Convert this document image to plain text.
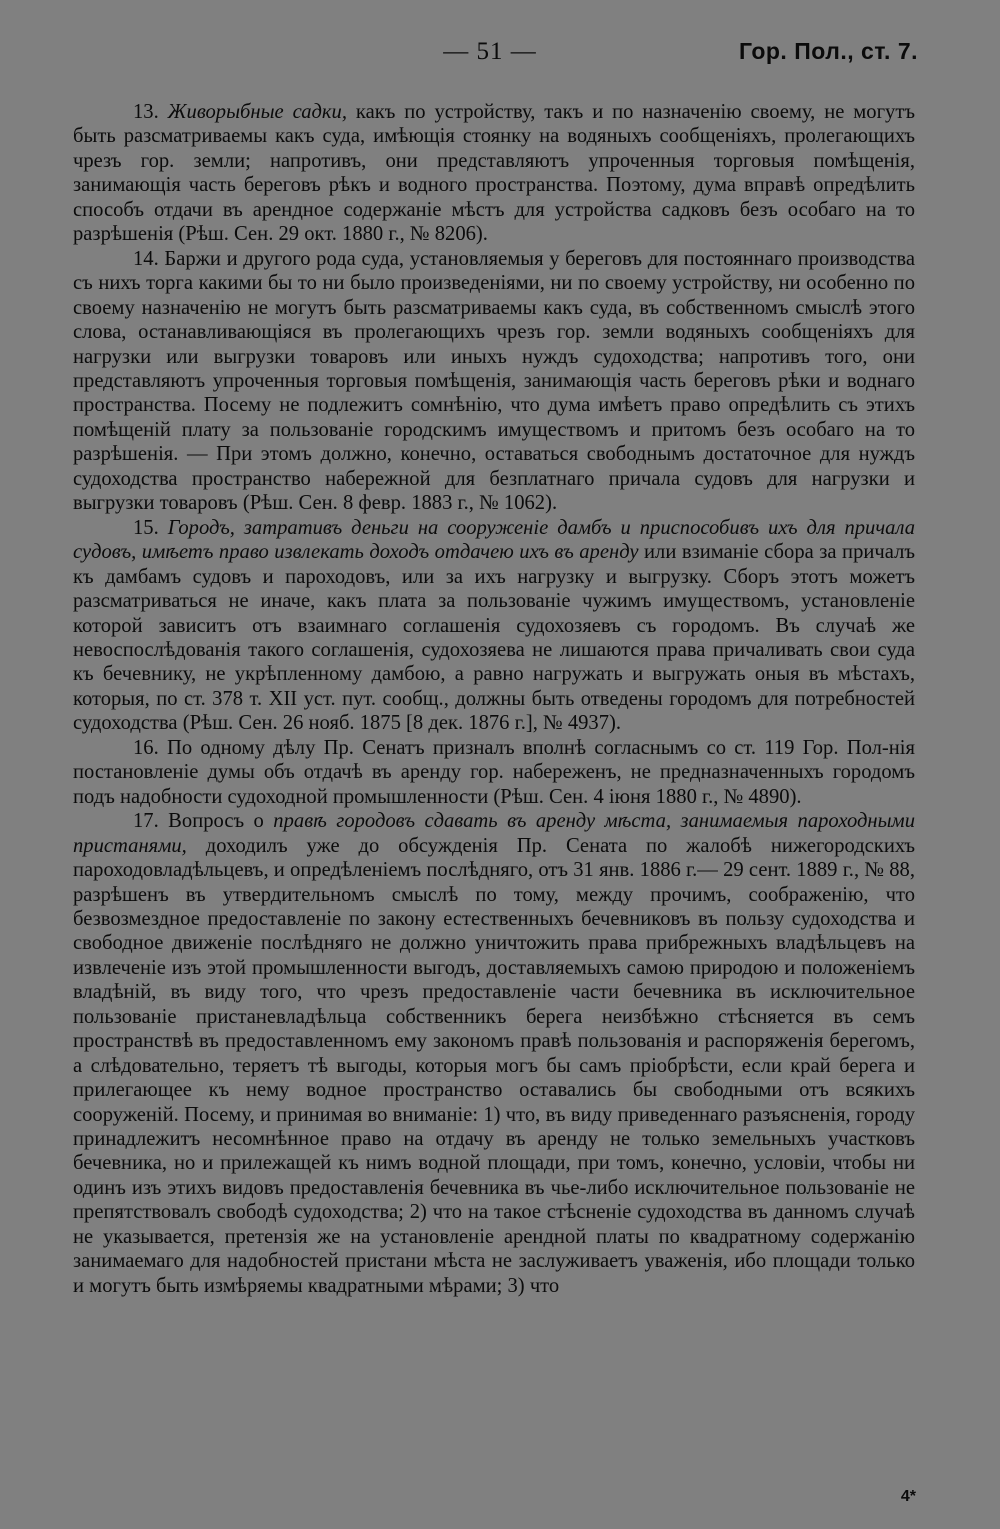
— 51 —	Гор. Пол., ст. 7.

13. Живорыбные садки, какъ по устройству, такъ и по назначенію своему, не могутъ быть разсматриваемы какъ суда, имѣющія стоянку на водяныхъ сообщеніяхъ, пролегающихъ чрезъ гор. земли; напротивъ, они представляютъ упроченныя торговыя помѣщенія, занимающія часть береговъ рѣкъ и водного пространства. Поэтому, дума вправѣ опредѣлить способъ отдачи въ арендное содержаніе мѣстъ для устройства садковъ безъ особаго на то разрѣшенія (Рѣш. Сен. 29 окт. 1880 г., № 8206).

14. Баржи и другого рода суда, установляемыя у береговъ для постояннаго производства съ нихъ торга какими бы то ни было произведеніями, ни по своему устройству, ни особенно по своему назначенію не могутъ быть разсматриваемы какъ суда, въ собственномъ смыслѣ этого слова, останавливающіяся въ пролегающихъ чрезъ гор. земли водяныхъ сообщеніяхъ для нагрузки или выгрузки товаровъ или иныхъ нуждъ судоходства; напротивъ того, они представляютъ упроченныя торговыя помѣщенія, занимающія часть береговъ рѣки и воднаго пространства. Посему не подлежитъ сомнѣнію, что дума имѣетъ право опредѣлить съ этихъ помѣщеній плату за пользованіе городскимъ имуществомъ и притомъ безъ особаго на то разрѣшенія. — При этомъ должно, конечно, оставаться свободнымъ достаточное для нуждъ судоходства пространство набережной для безплатнаго причала судовъ для нагрузки и выгрузки товаровъ (Рѣш. Сен. 8 февр. 1883 г., № 1062).

15. Городъ, затративъ деньги на сооруженіе дамбъ и приспособивъ ихъ для причала судовъ, имѣетъ право извлекать доходъ отдачею ихъ въ аренду или взиманіе сбора за причалъ къ дамбамъ судовъ и пароходовъ, или за ихъ нагрузку и выгрузку. Сборъ этотъ можетъ разсматриваться не иначе, какъ плата за пользованіе чужимъ имуществомъ, установленіе которой зависитъ отъ взаимнаго соглашенія судохозяевъ съ городомъ. Въ случаѣ же невоспослѣдованія такого соглашенія, судохозяева не лишаются права причаливать свои суда къ бечевнику, не укрѣпленному дамбою, а равно нагружать и выгружать оныя въ мѣстахъ, которыя, по ст. 378 т. XII уст. пут. сообщ., должны быть отведены городомъ для потребностей судоходства (Рѣш. Сен. 26 нояб. 1875 [8 дек. 1876 г.], № 4937).

16. По одному дѣлу Пр. Сенатъ призналъ вполнѣ согласнымъ со ст. 119 Гор. Пол-нія постановленіе думы объ отдачѣ въ аренду гор. набереженъ, не предназначенныхъ городомъ подъ надобности судоходной промышленности (Рѣш. Сен. 4 іюня 1880 г., № 4890).

17. Вопросъ о правѣ городовъ сдавать въ аренду мѣста, занимаемыя пароходными пристанями, доходилъ уже до обсужденія Пр. Сената по жалобѣ нижегородскихъ пароходовладѣльцевъ, и опредѣленіемъ послѣдняго, отъ 31 янв. 1886 г.— 29 сент. 1889 г., № 88, разрѣшенъ въ утвердительномъ смыслѣ по тому, между прочимъ, соображенію, что безвозмездное предоставленіе по закону естественныхъ бечевниковъ въ пользу судоходства и свободное движеніе послѣдняго не должно уничтожить права прибрежныхъ владѣльцевъ на извлеченіе изъ этой промышленности выгодъ, доставляемыхъ самою природою и положеніемъ владѣній, въ виду того, что чрезъ предоставленіе части бечевника въ исключительное пользованіе пристаневладѣльца собственникъ берега неизбѣжно стѣсняется въ семъ пространствѣ въ предоставленномъ ему закономъ правѣ пользованія и распоряженія берегомъ, а слѣдовательно, теряетъ тѣ выгоды, которыя могъ бы самъ пріобрѣсти, если край берега и прилегающее къ нему водное пространство оставались бы свободными отъ всякихъ сооруженій. Посему, и принимая во вниманіе: 1) что, въ виду приведеннаго разъясненія, городу принадлежитъ несомнѣнное право на отдачу въ аренду не только земельныхъ участковъ бечевника, но и прилежащей къ нимъ водной площади, при томъ, конечно, условіи, чтобы ни одинъ изъ этихъ видовъ предоставленія бечевника въ чье-либо исключительное пользованіе не препятствовалъ свободѣ судоходства; 2) что на такое стѣсненіе судоходства въ данномъ случаѣ не указывается, претензія же на установленіе арендной платы по квадратному содержанію занимаемаго для надобностей пристани мѣста не заслуживаетъ уваженія, ибо площади только и могутъ быть измѣряемы квадратными мѣрами; 3) что

4*
